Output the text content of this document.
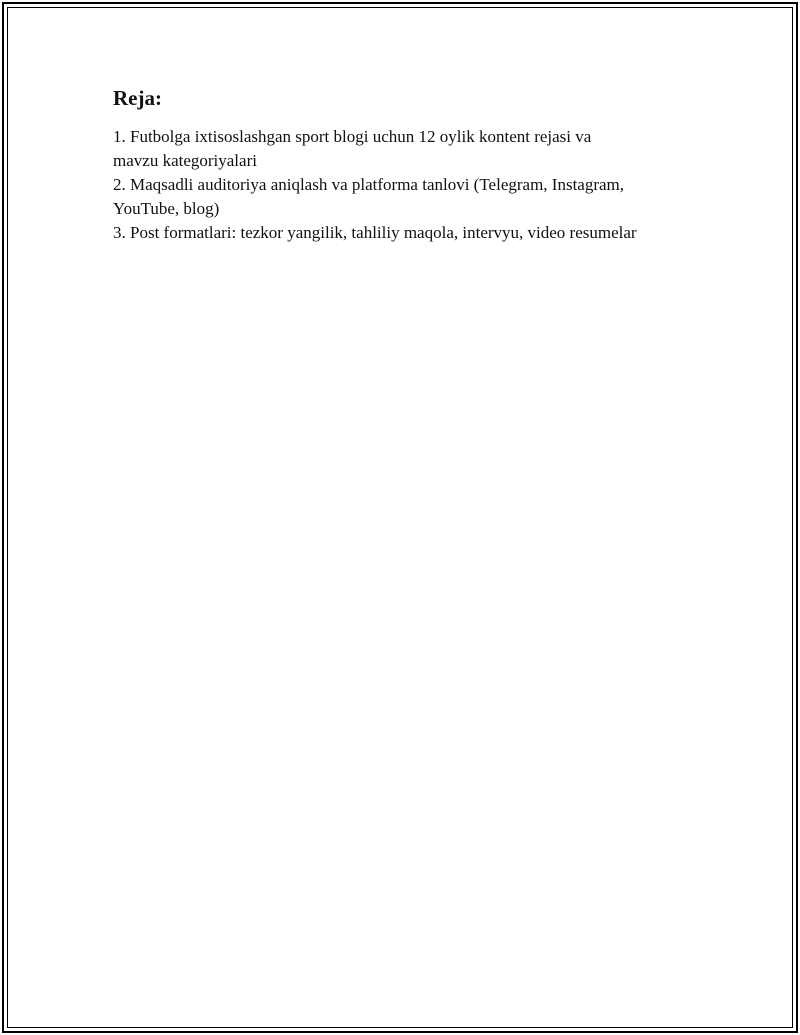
Reja:
1. Futbolga ixtisoslashgan sport blogi uchun 12 oylik kontent rejasi va mavzu kategoriyalari
2. Maqsadli auditoriya aniqlash va platforma tanlovi (Telegram, Instagram, YouTube, blog)
3. Post formatlari: tezkor yangilik, tahliliy maqola, intervyu, video resumelar
